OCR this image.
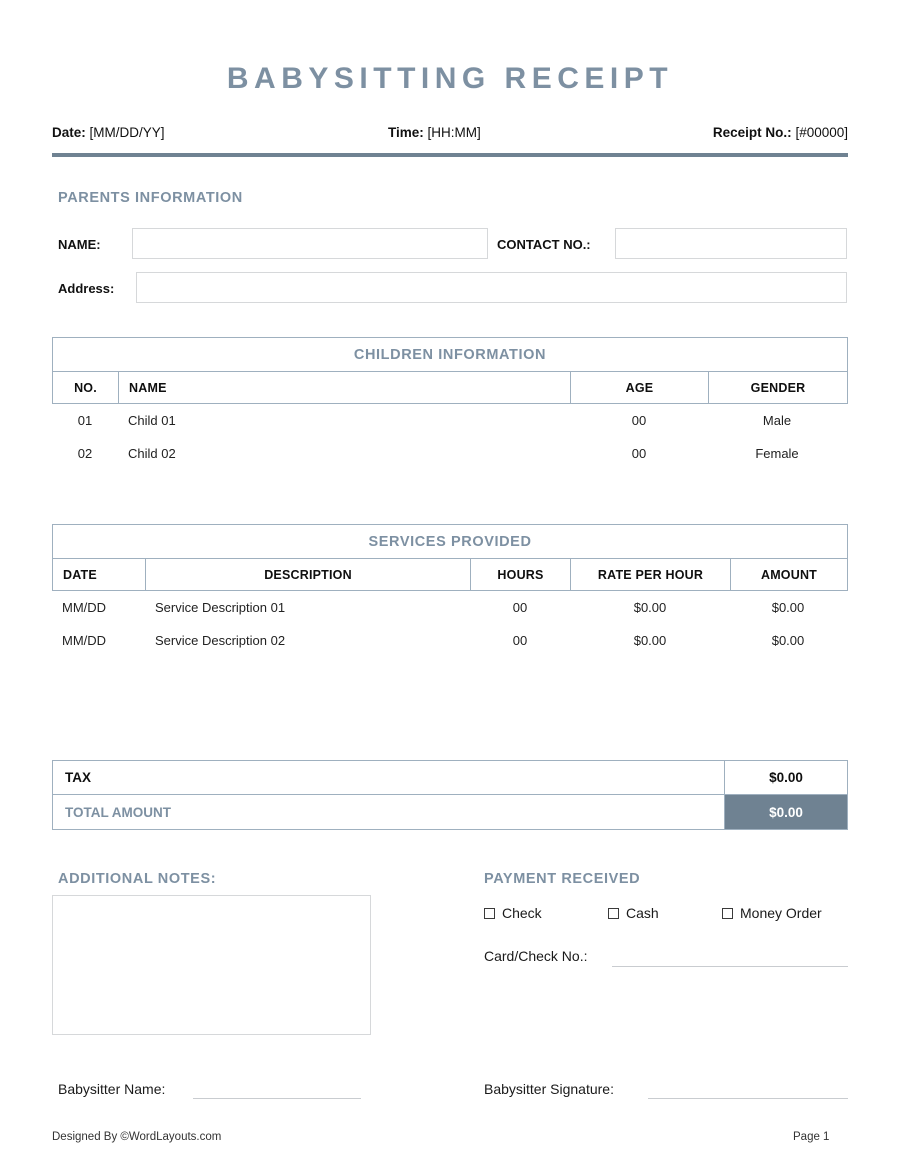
BABYSITTING RECEIPT
Date: [MM/DD/YY]	Time: [HH:MM]	Receipt No.: [#00000]
PARENTS INFORMATION
NAME:	CONTACT NO.:
Address:
CHILDREN INFORMATION
NO.	NAME	AGE	GENDER
01	Child 01	00	Male
02	Child 02	00	Female
SERVICES PROVIDED
DATE	DESCRIPTION	HOURS	RATE PER HOUR	AMOUNT
MM/DD	Service Description 01	00	$0.00	$0.00
MM/DD	Service Description 02	00	$0.00	$0.00
TAX	$0.00
TOTAL AMOUNT	$0.00
ADDITIONAL NOTES:	PAYMENT RECEIVED
Check	Cash	Money Order
Card/Check No.:
Babysitter Name:	Babysitter Signature:
Designed By ©WordLayouts.com	Page 1
